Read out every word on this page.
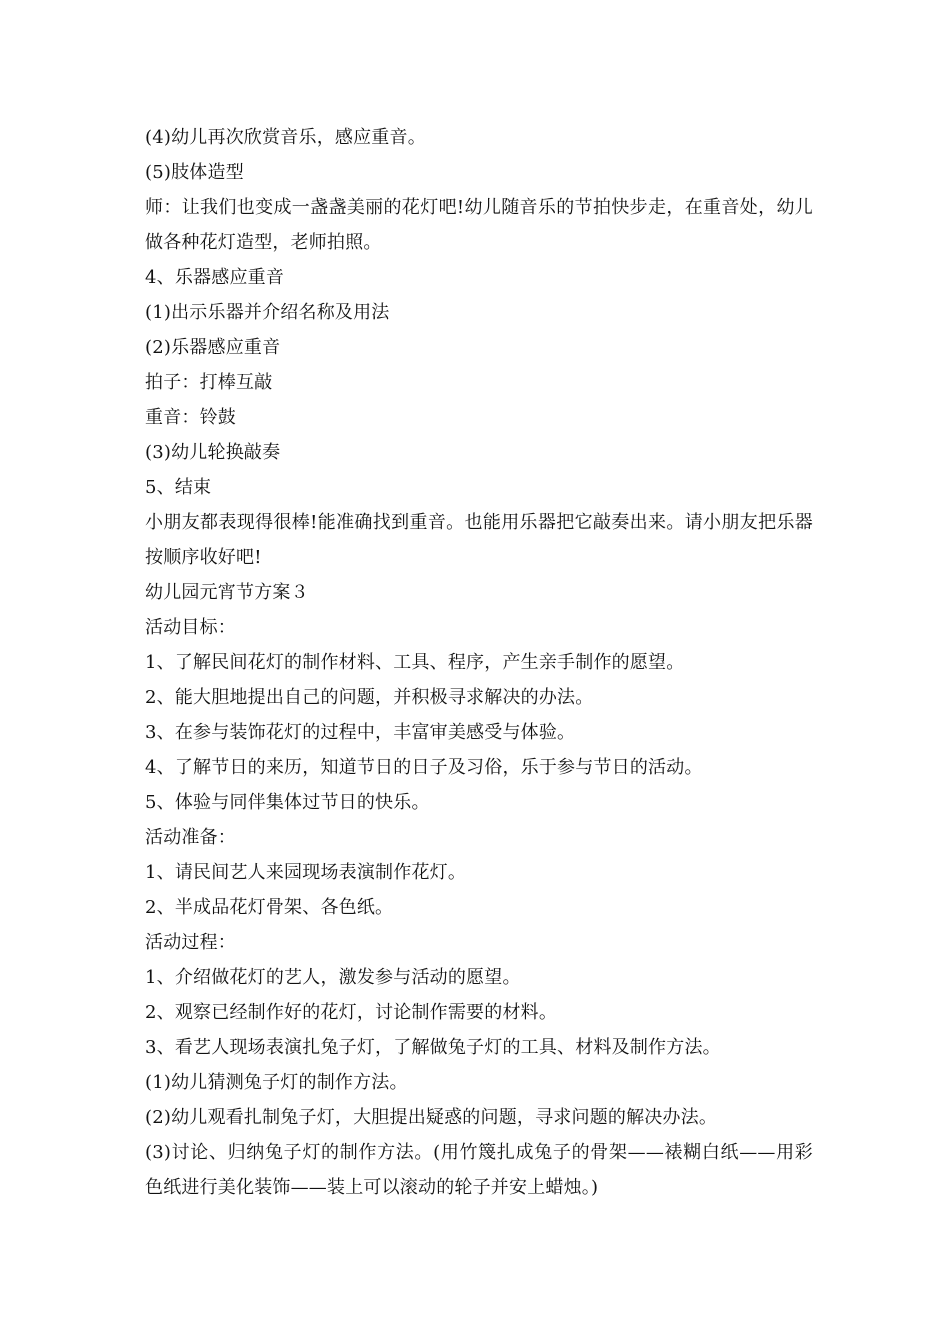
(4)幼儿再次欣赏音乐，感应重音。

(5)肢体造型

师：让我们也变成一盏盏美丽的花灯吧!幼儿随音乐的节拍快步走，在重音处，幼儿做各种花灯造型，老师拍照。

4、乐器感应重音

(1)出示乐器并介绍名称及用法

(2)乐器感应重音

拍子：打棒互敲

重音：铃鼓

(3)幼儿轮换敲奏

5、结束

小朋友都表现得很棒!能准确找到重音。也能用乐器把它敲奏出来。请小朋友把乐器按顺序收好吧!

幼儿园元宵节方案３

活动目标：

1、了解民间花灯的制作材料、工具、程序，产生亲手制作的愿望。

2、能大胆地提出自己的问题，并积极寻求解决的办法。

3、在参与装饰花灯的过程中，丰富审美感受与体验。

4、了解节日的来历，知道节日的日子及习俗，乐于参与节日的活动。

5、体验与同伴集体过节日的快乐。

活动准备：

1、请民间艺人来园现场表演制作花灯。

2、半成品花灯骨架、各色纸。

活动过程：

1、介绍做花灯的艺人，激发参与活动的愿望。

2、观察已经制作好的花灯，讨论制作需要的材料。

3、看艺人现场表演扎兔子灯，了解做兔子灯的工具、材料及制作方法。

(1)幼儿猜测兔子灯的制作方法。

(2)幼儿观看扎制兔子灯，大胆提出疑惑的问题，寻求问题的解决办法。

(3)讨论、归纳兔子灯的制作方法。(用竹篾扎成兔子的骨架——裱糊白纸——用彩色纸进行美化装饰——装上可以滚动的轮子并安上蜡烛。)
